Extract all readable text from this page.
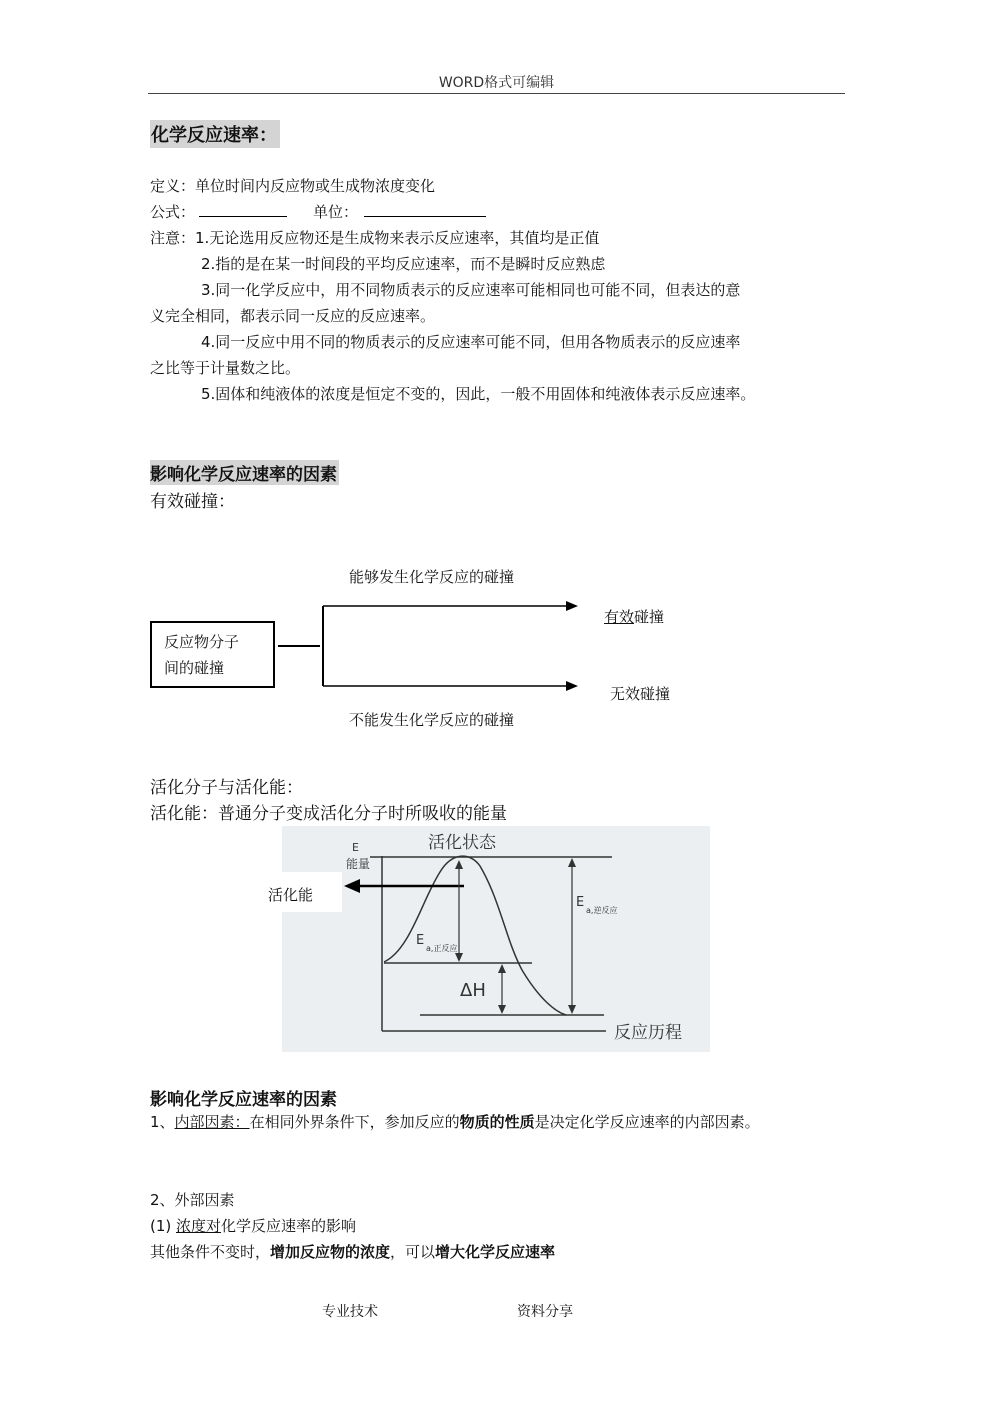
WORD格式可编辑
化学反应速率：
定义：单位时间内反应物或生成物浓度变化
公式：	单位：
注意：1.无论选用反应物还是生成物来表示反应速率，其值均是正值
2.指的是在某一时间段的平均反应速率，而不是瞬时反应熟虑
3.同一化学反应中，用不同物质表示的反应速率可能相同也可能不同，但表达的意
义完全相同，都表示同一反应的反应速率。
4.同一反应中用不同的物质表示的反应速率可能不同，但用各物质表示的反应速率
之比等于计量数之比。
5.固体和纯液体的浓度是恒定不变的，因此，一般不用固体和纯液体表示反应速率。
影响化学反应速率的因素
有效碰撞：
能够发生化学反应的碰撞
反应物分子
间的碰撞
有效碰撞
无效碰撞
不能发生化学反应的碰撞
活化分子与活化能：
活化能：普通分子变成活化分子时所吸收的能量
活化能
E
能量
活化状态
E
a,正反应
E
a,逆反应
ΔH
反应历程
影响化学反应速率的因素
1、内部因素：在相同外界条件下，参加反应的物质的性质是决定化学反应速率的内部因素。
2、外部因素
(1) 浓度对化学反应速率的影响
其他条件不变时，增加反应物的浓度，可以增大化学反应速率
专业技术	资料分享
